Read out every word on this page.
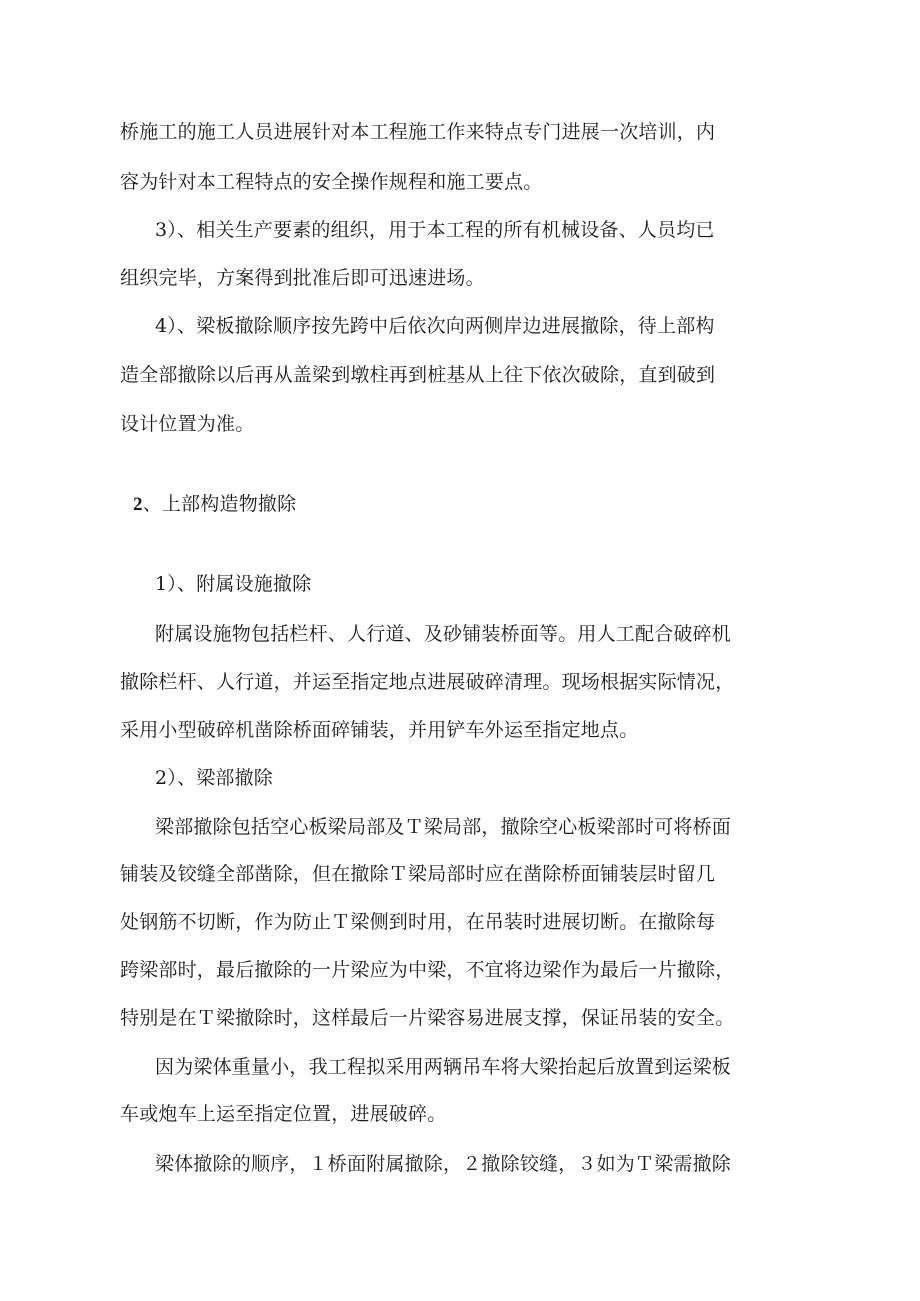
桥施工的施工人员进展针对本工程施工作来特点专门进展一次培训，内
容为针对本工程特点的安全操作规程和施工要点。
3）、相关生产要素的组织，用于本工程的所有机械设备、人员均已
组织完毕，方案得到批准后即可迅速进场。
4）、梁板撤除顺序按先跨中后依次向两侧岸边进展撤除，待上部构
造全部撤除以后再从盖梁到墩柱再到桩基从上往下依次破除，直到破到
设计位置为准。
2、上部构造物撤除
1）、附属设施撤除
附属设施物包括栏杆、人行道、及砂铺装桥面等。用人工配合破碎机
撤除栏杆、人行道，并运至指定地点进展破碎清理。现场根据实际情况，
采用小型破碎机凿除桥面碎铺装，并用铲车外运至指定地点。
2）、梁部撤除
梁部撤除包括空心板梁局部及Ｔ梁局部，撤除空心板梁部时可将桥面
铺装及铰缝全部凿除，但在撤除Ｔ梁局部时应在凿除桥面铺装层时留几
处钢筋不切断，作为防止Ｔ梁侧到时用，在吊装时进展切断。在撤除每
跨梁部时，最后撤除的一片梁应为中梁，不宜将边梁作为最后一片撤除，
特别是在Ｔ梁撤除时，这样最后一片梁容易进展支撑，保证吊装的安全。
因为梁体重量小，我工程拟采用两辆吊车将大梁抬起后放置到运梁板
车或炮车上运至指定位置，进展破碎。
梁体撤除的顺序，１桥面附属撤除，２撤除铰缝，３如为Ｔ梁需撤除
